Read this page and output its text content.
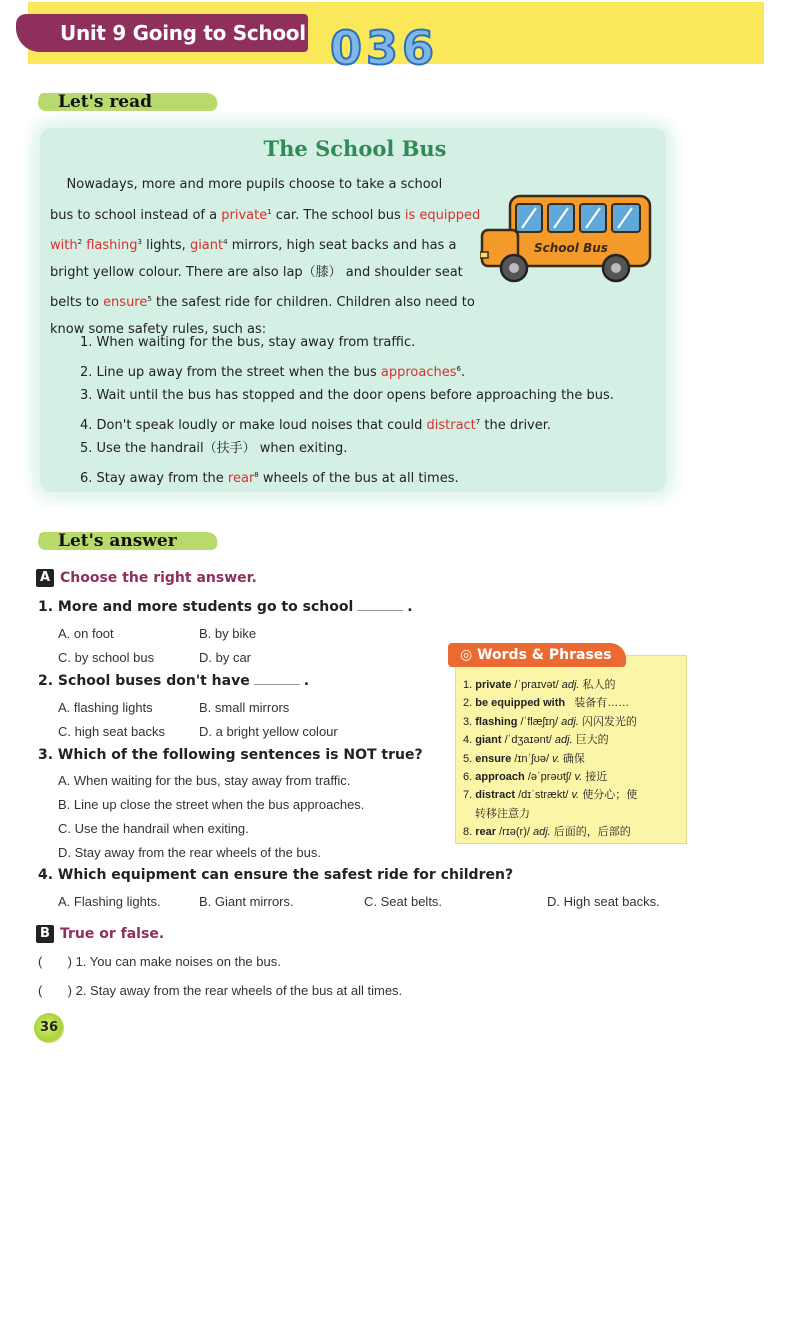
Unit 9 Going to School 0 3 6
Let's read
The School Bus
Nowadays, more and more pupils choose to take a school
bus to school instead of a private$^1$ car. The school bus is equipped
with$^2$ flashing$^3$ lights, giant$^4$ mirrors, high seat backs and has a
bright yellow colour. There are also lap（膝） and shoulder seat
belts to ensure$^5$ the safest ride for children. Children also need to
know some safety rules, such as:
1. When waiting for the bus, stay away from traffic.
2. Line up away from the street when the bus approaches$^6$.
3. Wait until the bus has stopped and the door opens before approaching the bus.
4. Don't speak loudly or make loud noises that could distract$^7$ the driver.
5. Use the handrail（扶手） when exiting.
6. Stay away from the rear$^8$ wheels of the bus at all times.
School Bus
Let's answer
A Choose the right answer.
1. More and more students go to school	.
A. on foot	B. by bike
C. by school bus	D. by car
2. School buses don't have	.
A. flashing lights	B. small mirrors
C. high seat backs	D. a bright yellow colour
3. Which of the following sentences is NOT true?
A. When waiting for the bus, stay away from traffic.
B. Line up close the street when the bus approaches.
C. Use the handrail when exiting.
D. Stay away from the rear wheels of the bus.
4. Which equipment can ensure the safest ride for children?
A. Flashing lights.	B. Giant mirrors.	C. Seat belts.	D. High seat backs.
◎ Words & Phrases
1. private /ˈpraɪvət/ adj. 私人的
2. be equipped with 装备有……
3. flashing /ˈflæʃɪŋ/ adj. 闪闪发光的
4. giant /ˈdʒaɪənt/ adj. 巨大的
5. ensure /ɪnˈʃʊə/ v. 确保
6. approach /əˈprəʊtʃ/ v. 接近
7. distract /dɪˈstrækt/ v. 使分心；使
转移注意力
8. rear /rɪə(r)/ adj. 后面的，后部的
B True or false.
(       ) 1. You can make noises on the bus.
(       ) 2. Stay away from the rear wheels of the bus at all times.
36
